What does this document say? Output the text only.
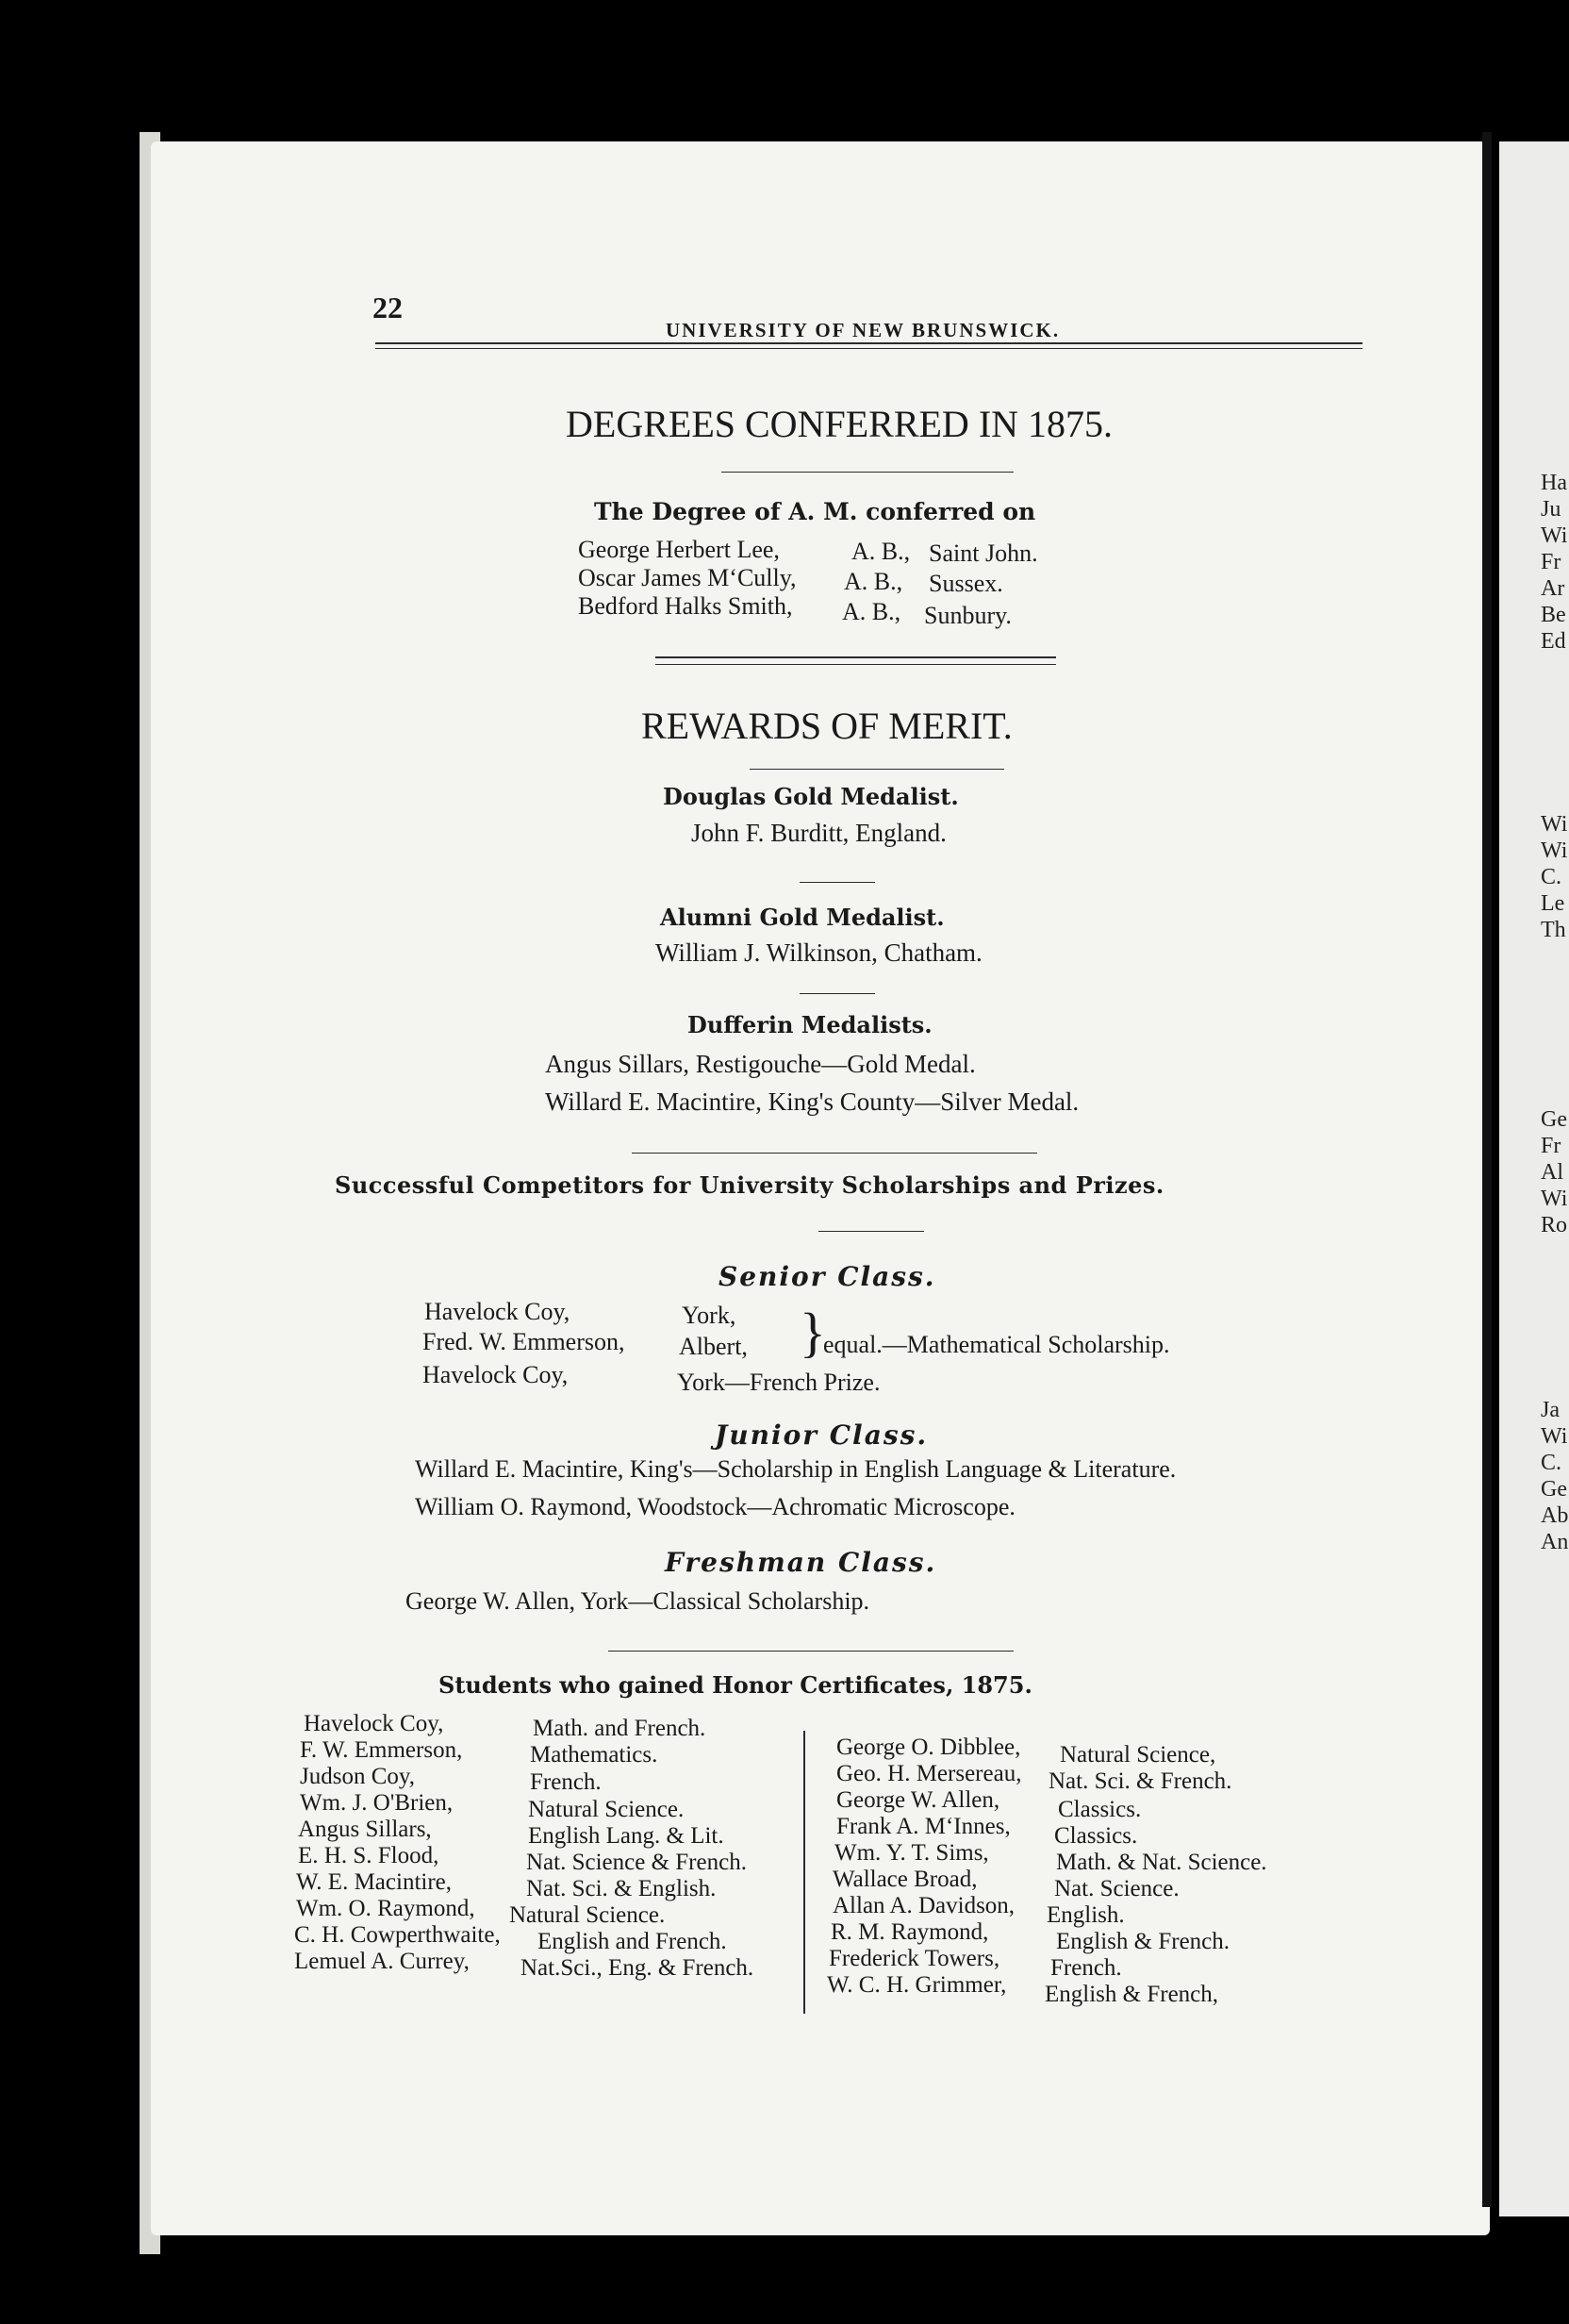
22
UNIVERSITY OF NEW BRUNSWICK.
DEGREES CONFERRED IN 1875.
The Degree of A. M. conferred on
George Herbert Lee,	A. B., Saint John.
Oscar James M‘Cully, A. B., Sussex.
Bedford Halks Smith, A. B., Sunbury.
REWARDS OF MERIT.
Douglas Gold Medalist.
John F. Burditt, England.
Alumni Gold Medalist.
William J. Wilkinson, Chatham.
Dufferin Medalists.
Angus Sillars, Restigouche—Gold Medal.
Willard E. Macintire, King's County—Silver Medal.
Successful Competitors for University Scholarships and Prizes.
Senior Class.
Havelock Coy,	York,
Fred. W. Emmerson, Albert, }
equal.—Mathematical Scholarship.
Havelock Coy,	York—French Prize.
Junior Class.
Willard E. Macintire, King's—Scholarship in English Language & Literature.
William O. Raymond, Woodstock—Achromatic Microscope.
Freshman Class.
George W. Allen, York—Classical Scholarship.
Students who gained Honor Certificates, 1875.
Havelock Coy,	Math. and French.
F. W. Emmerson,	Mathematics.
Judson Coy,	French.
Wm. J. O'Brien,	Natural Science.
Angus Sillars,	English Lang. & Lit.
E. H. S. Flood,	Nat. Science & French.
W. E. Macintire,	Nat. Sci. & English.
Wm. O. Raymond, Natural Science.
C. H. Cowperthwaite, English and French.
Lemuel A. Currey, Nat.Sci., Eng. & French.
George O. Dibblee, Natural Science,
Geo. H. Mersereau, Nat. Sci. & French.
George W. Allen, Classics.
Frank A. M‘Innes, Classics.
Wm. Y. T. Sims,	Math. & Nat. Science.
Wallace Broad,	Nat. Science.
Allan A. Davidson, English.
R. M. Raymond,	English & French.
Frederick Towers, French.
W. C. H. Grimmer, English & French,
Ha
Ju
Wi
Fr
Ar
Be
Ed
Wi
Wi
C.
Le
Th
Ge
Fr
Al
Wi
Ro
Ja
Wi
C.
Ge
Ab
An
